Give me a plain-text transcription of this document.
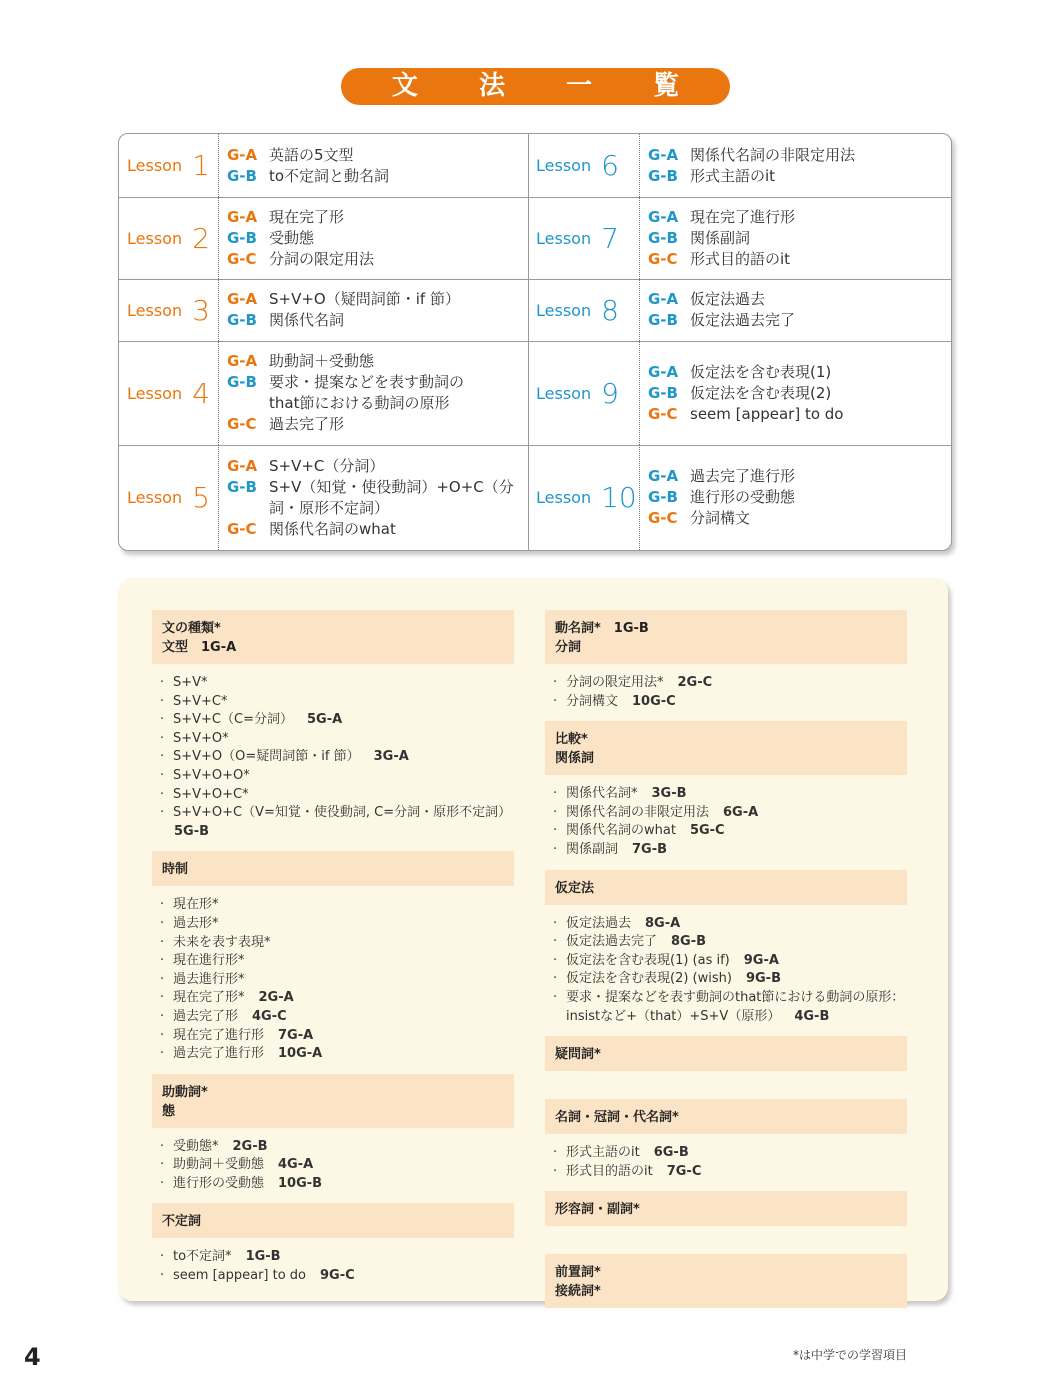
文 法 一 覧
Lesson 1 G-A 英語の5文型
G-B to不定詞と動名詞
Lesson 2
G-A 現在完了形
G-B 受動態
G-C 分詞の限定用法
Lesson 3 G-A S+V+O（疑問詞節・if 節）
G-B 関係代名詞
Lesson 4
G-A 助動詞＋受動態
G-B 要求・提案などを表す動詞の
that節における動詞の原形
G-C 過去完了形
Lesson 5
G-A S+V+C（分詞）
G-B S+V（知覚・使役動詞）+O+C（分
詞・原形不定詞）
G-C 関係代名詞のwhat
Lesson 6 G-A 関係代名詞の非限定用法
G-B 形式主語のit
Lesson 7
G-A 現在完了進行形
G-B 関係副詞
G-C 形式目的語のit
Lesson 8 G-A 仮定法過去
G-B 仮定法過去完了
Lesson 9
G-A 仮定法を含む表現(1)
G-B 仮定法を含む表現(2)
G-C seem [appear] to do
Lesson 10
G-A 過去完了進行形
G-B 進行形の受動態
G-C 分詞構文
文の種類*
文型　1G-A
· S+V*
· S+V+C*
· S+V+C（C=分詞） 5G-A
· S+V+O*
· S+V+O（O=疑問詞節・if 節） 3G-A
· S+V+O+O*
· S+V+O+C*
· S+V+O+C（V=知覚・使役動詞, C=分詞・原形不定詞）
5G-B
時制
· 現在形*
· 過去形*
· 未来を表す表現*
· 現在進行形*
· 過去進行形*
· 現在完了形* 2G-A
· 過去完了形 4G-C
· 現在完了進行形 7G-A
· 過去完了進行形 10G-A
助動詞*
態
· 受動態* 2G-B
· 助動詞＋受動態 4G-A
· 進行形の受動態 10G-B
不定詞
· to不定詞* 1G-B
· seem [appear] to do 9G-C
動名詞*　1G-B
分詞
· 分詞の限定用法* 2G-C
· 分詞構文 10G-C
比較*
関係詞
· 関係代名詞* 3G-B
· 関係代名詞の非限定用法 6G-A
· 関係代名詞のwhat 5G-C
· 関係副詞 7G-B
仮定法
· 仮定法過去 8G-A
· 仮定法過去完了 8G-B
· 仮定法を含む表現(1) (as if) 9G-A
· 仮定法を含む表現(2) (wish) 9G-B
· 要求・提案などを表す動詞のthat節における動詞の原形：
insistなど+（that）+S+V（原形） 4G-B
疑問詞*
名詞・冠詞・代名詞*
· 形式主語のit 6G-B
· 形式目的語のit 7G-C
形容詞・副詞*
前置詞*
接続詞*
*は中学での学習項目
4
